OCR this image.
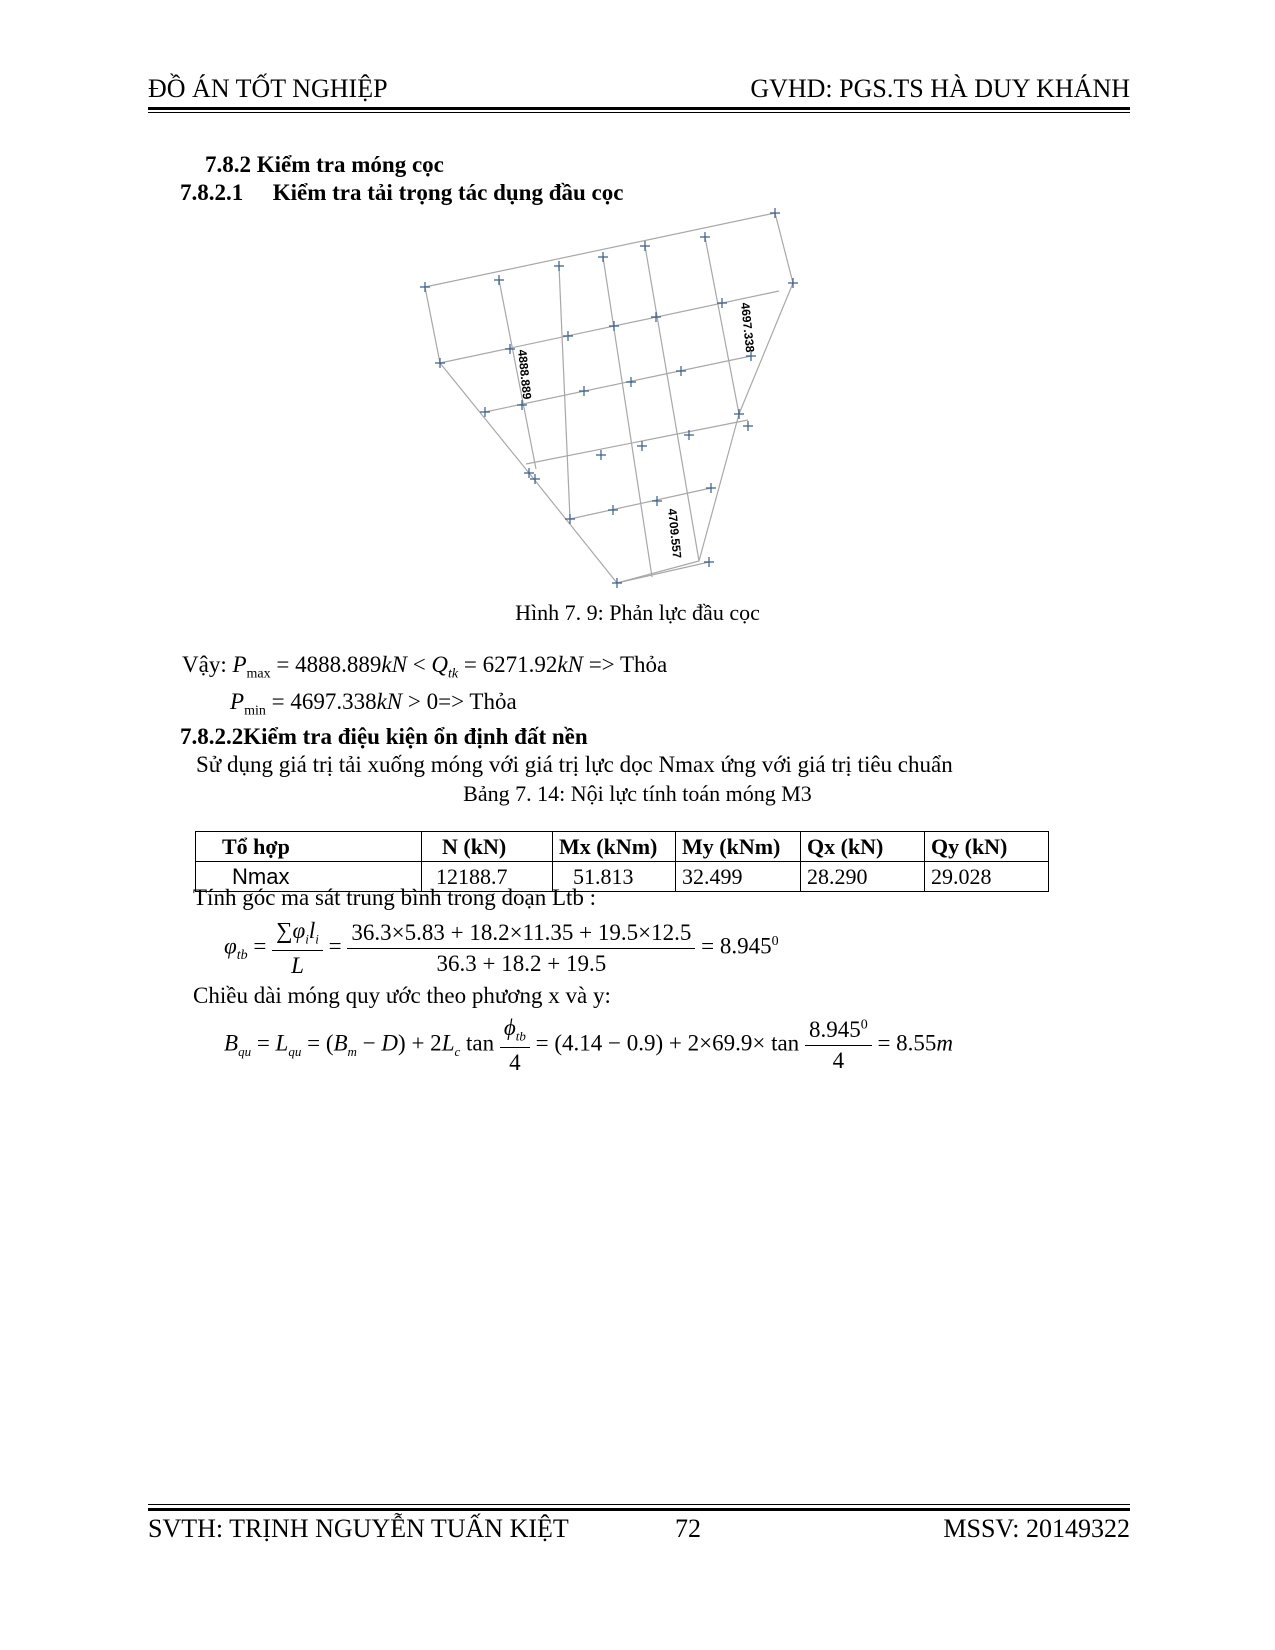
ĐỒ ÁN TỐT NGHIỆP	GVHD: PGS.TS HÀ DUY KHÁNH
7.8.2 Kiểm tra móng cọc
7.8.2.1 Kiểm tra tải trọng tác dụng đầu cọc
4888.889
4697.338
4709.557
Hình 7. 9: Phản lực đầu cọc
Vậy: $P_{max} = 4888.889kN < Q_{tk} = 6271.92kN$ => Thỏa
$P_{min} = 4697.338kN > 0=>$ Thỏa
7.8.2.2Kiểm tra điệu kiện ổn định đất nền
Sử dụng giá trị tải xuống móng với giá trị lực dọc Nmax ứng với giá trị tiêu chuẩn
Bảng 7. 14: Nội lực tính toán móng M3
Tổ hợp	N (kN)	Mx (kNm)	My (kNm)	Qx (kN)	Qy (kN)
Nmax	12188.7	51.813	32.499	28.290	29.028
Tính góc ma sát trung bình trong đoạn Ltb :
$\varphi_{tb} = \frac{\sum\varphi_il_i}{L} = \frac{36.3\times 5.83 + 18.2\times 11.35 + 19.5\times 12.5}{36.3 + 18.2 + 19.5} = 8.945^0$
Chiều dài móng quy ước theo phương x và y:
$B_{qu} = L_{qu} = (B_m - D) + 2L_c$ $\tan \frac{\phi_{tb}}{4} = (4.14 - 0.9) + 2\times 69.9\times \tan \frac{8.945^0}{4} = 8.55m$
SVTH: TRỊNH NGUYỄN TUẤN KIỆT	72	MSSV: 20149322
